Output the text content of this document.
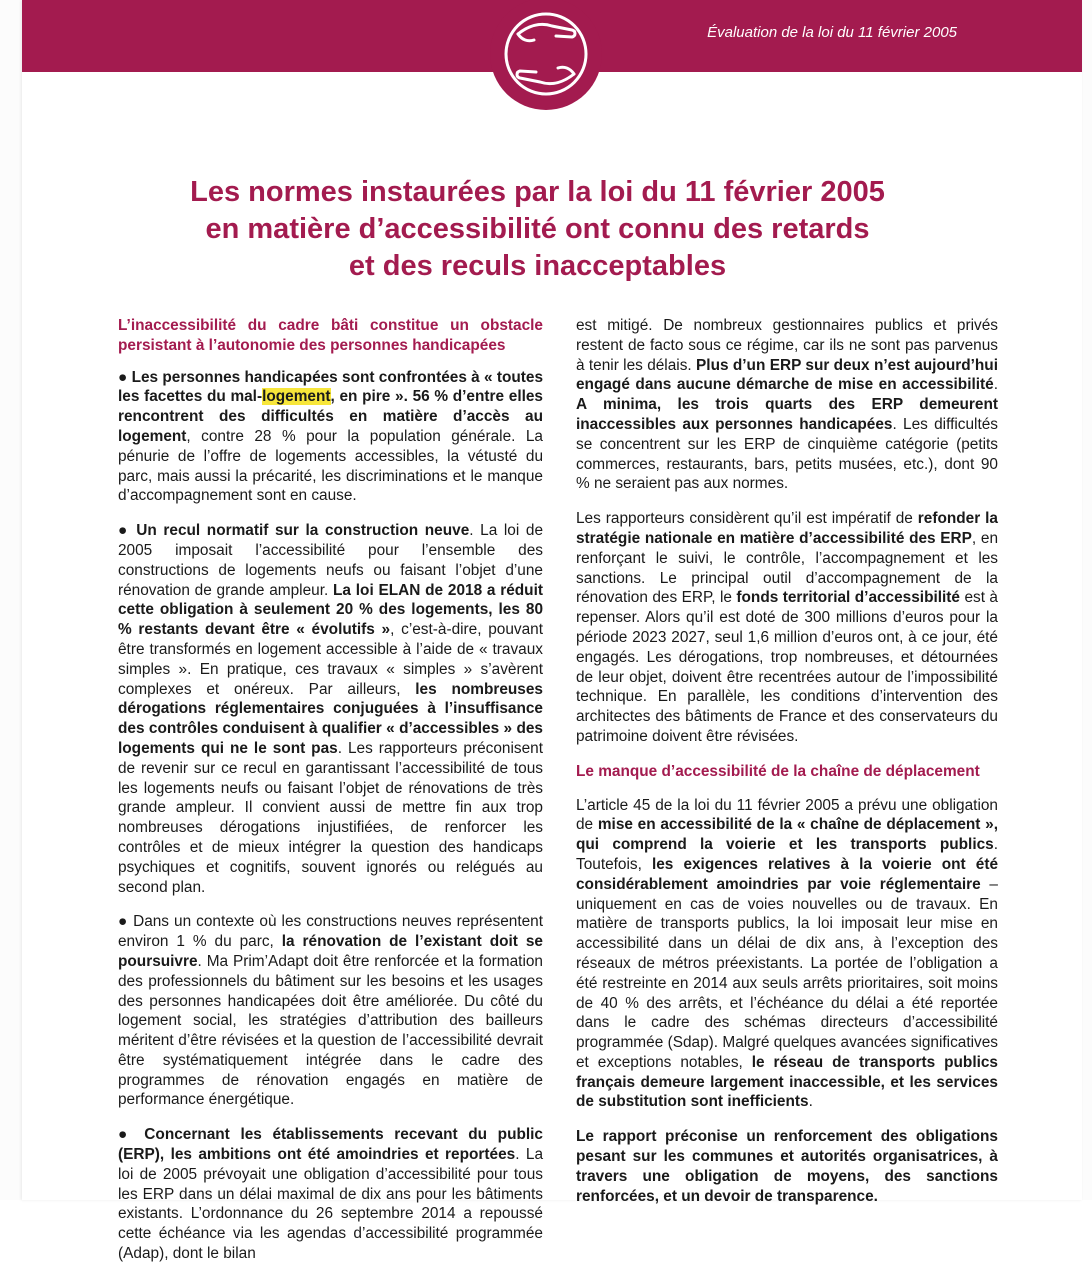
Évaluation de la loi du 11 février 2005
Les normes instaurées par la loi du 11 février 2005
en matière d’accessibilité ont connu des retards
et des reculs inacceptables

L’inaccessibilité du cadre bâti constitue un obstacle persistant à l’autonomie des personnes handicapées

● Les personnes handicapées sont confrontées à « toutes les facettes du mal-logement, en pire ». 56 % d’entre elles rencontrent des difficultés en matière d’accès au logement, contre 28 % pour la population générale. La pénurie de l’offre de logements accessibles, la vétusté du parc, mais aussi la précarité, les discriminations et le manque d’accompagnement sont en cause.

● Un recul normatif sur la construction neuve. La loi de 2005 imposait l’accessibilité pour l’ensemble des constructions de logements neufs ou faisant l’objet d’une rénovation de grande ampleur. La loi ELAN de 2018 a réduit cette obligation à seulement 20 % des logements, les 80 % restants devant être « évolutifs », c’est-à-dire, pouvant être transformés en logement accessible à l’aide de « travaux simples ». En pratique, ces travaux « simples » s’avèrent complexes et onéreux. Par ailleurs, les nombreuses dérogations réglementaires conjuguées à l’insuffisance des contrôles conduisent à qualifier « d’accessibles » des logements qui ne le sont pas. Les rapporteurs préconisent de revenir sur ce recul en garantissant l’accessibilité de tous les logements neufs ou faisant l’objet de rénovations de très grande ampleur. Il convient aussi de mettre fin aux trop nombreuses dérogations injustifiées, de renforcer les contrôles et de mieux intégrer la question des handicaps psychiques et cognitifs, souvent ignorés ou relégués au second plan.

● Dans un contexte où les constructions neuves représentent environ 1 % du parc, la rénovation de l’existant doit se poursuivre. Ma Prim’Adapt doit être renforcée et la formation des professionnels du bâtiment sur les besoins et les usages des personnes handicapées doit être améliorée. Du côté du logement social, les stratégies d’attribution des bailleurs méritent d’être révisées et la question de l’accessibilité devrait être systématiquement intégrée dans le cadre des programmes de rénovation engagés en matière de performance énergétique.

● Concernant les établissements recevant du public (ERP), les ambitions ont été amoindries et reportées. La loi de 2005 prévoyait une obligation d’accessibilité pour tous les ERP dans un délai maximal de dix ans pour les bâtiments existants. L’ordonnance du 26 septembre 2014 a repoussé cette échéance via les agendas d’accessibilité programmée (Adap), dont le bilan

est mitigé. De nombreux gestionnaires publics et privés restent de facto sous ce régime, car ils ne sont pas parvenus à tenir les délais. Plus d’un ERP sur deux n’est aujourd’hui engagé dans aucune démarche de mise en accessibilité. A minima, les trois quarts des ERP demeurent inaccessibles aux personnes handicapées. Les difficultés se concentrent sur les ERP de cinquième catégorie (petits commerces, restaurants, bars, petits musées, etc.), dont 90 % ne seraient pas aux normes.

Les rapporteurs considèrent qu’il est impératif de refonder la stratégie nationale en matière d’accessibilité des ERP, en renforçant le suivi, le contrôle, l’accompagnement et les sanctions. Le principal outil d’accompagnement de la rénovation des ERP, le fonds territorial d’accessibilité est à repenser. Alors qu’il est doté de 300 millions d’euros pour la période 2023 2027, seul 1,6 million d’euros ont, à ce jour, été engagés. Les dérogations, trop nombreuses, et détournées de leur objet, doivent être recentrées autour de l’impossibilité technique. En parallèle, les conditions d’intervention des architectes des bâtiments de France et des conservateurs du patrimoine doivent être révisées.

Le manque d’accessibilité de la chaîne de déplacement

L’article 45 de la loi du 11 février 2005 a prévu une obligation de mise en accessibilité de la « chaîne de déplacement », qui comprend la voierie et les transports publics. Toutefois, les exigences relatives à la voierie ont été considérablement amoindries par voie réglementaire – uniquement en cas de voies nouvelles ou de travaux. En matière de transports publics, la loi imposait leur mise en accessibilité dans un délai de dix ans, à l’exception des réseaux de métros préexistants. La portée de l’obligation a été restreinte en 2014 aux seuls arrêts prioritaires, soit moins de 40 % des arrêts, et l’échéance du délai a été reportée dans le cadre des schémas directeurs d’accessibilité programmée (Sdap). Malgré quelques avancées significatives et exceptions notables, le réseau de transports publics français demeure largement inaccessible, et les services de substitution sont inefficients.

Le rapport préconise un renforcement des obligations pesant sur les communes et autorités organisatrices, à travers une obligation de moyens, des sanctions renforcées, et un devoir de transparence.
